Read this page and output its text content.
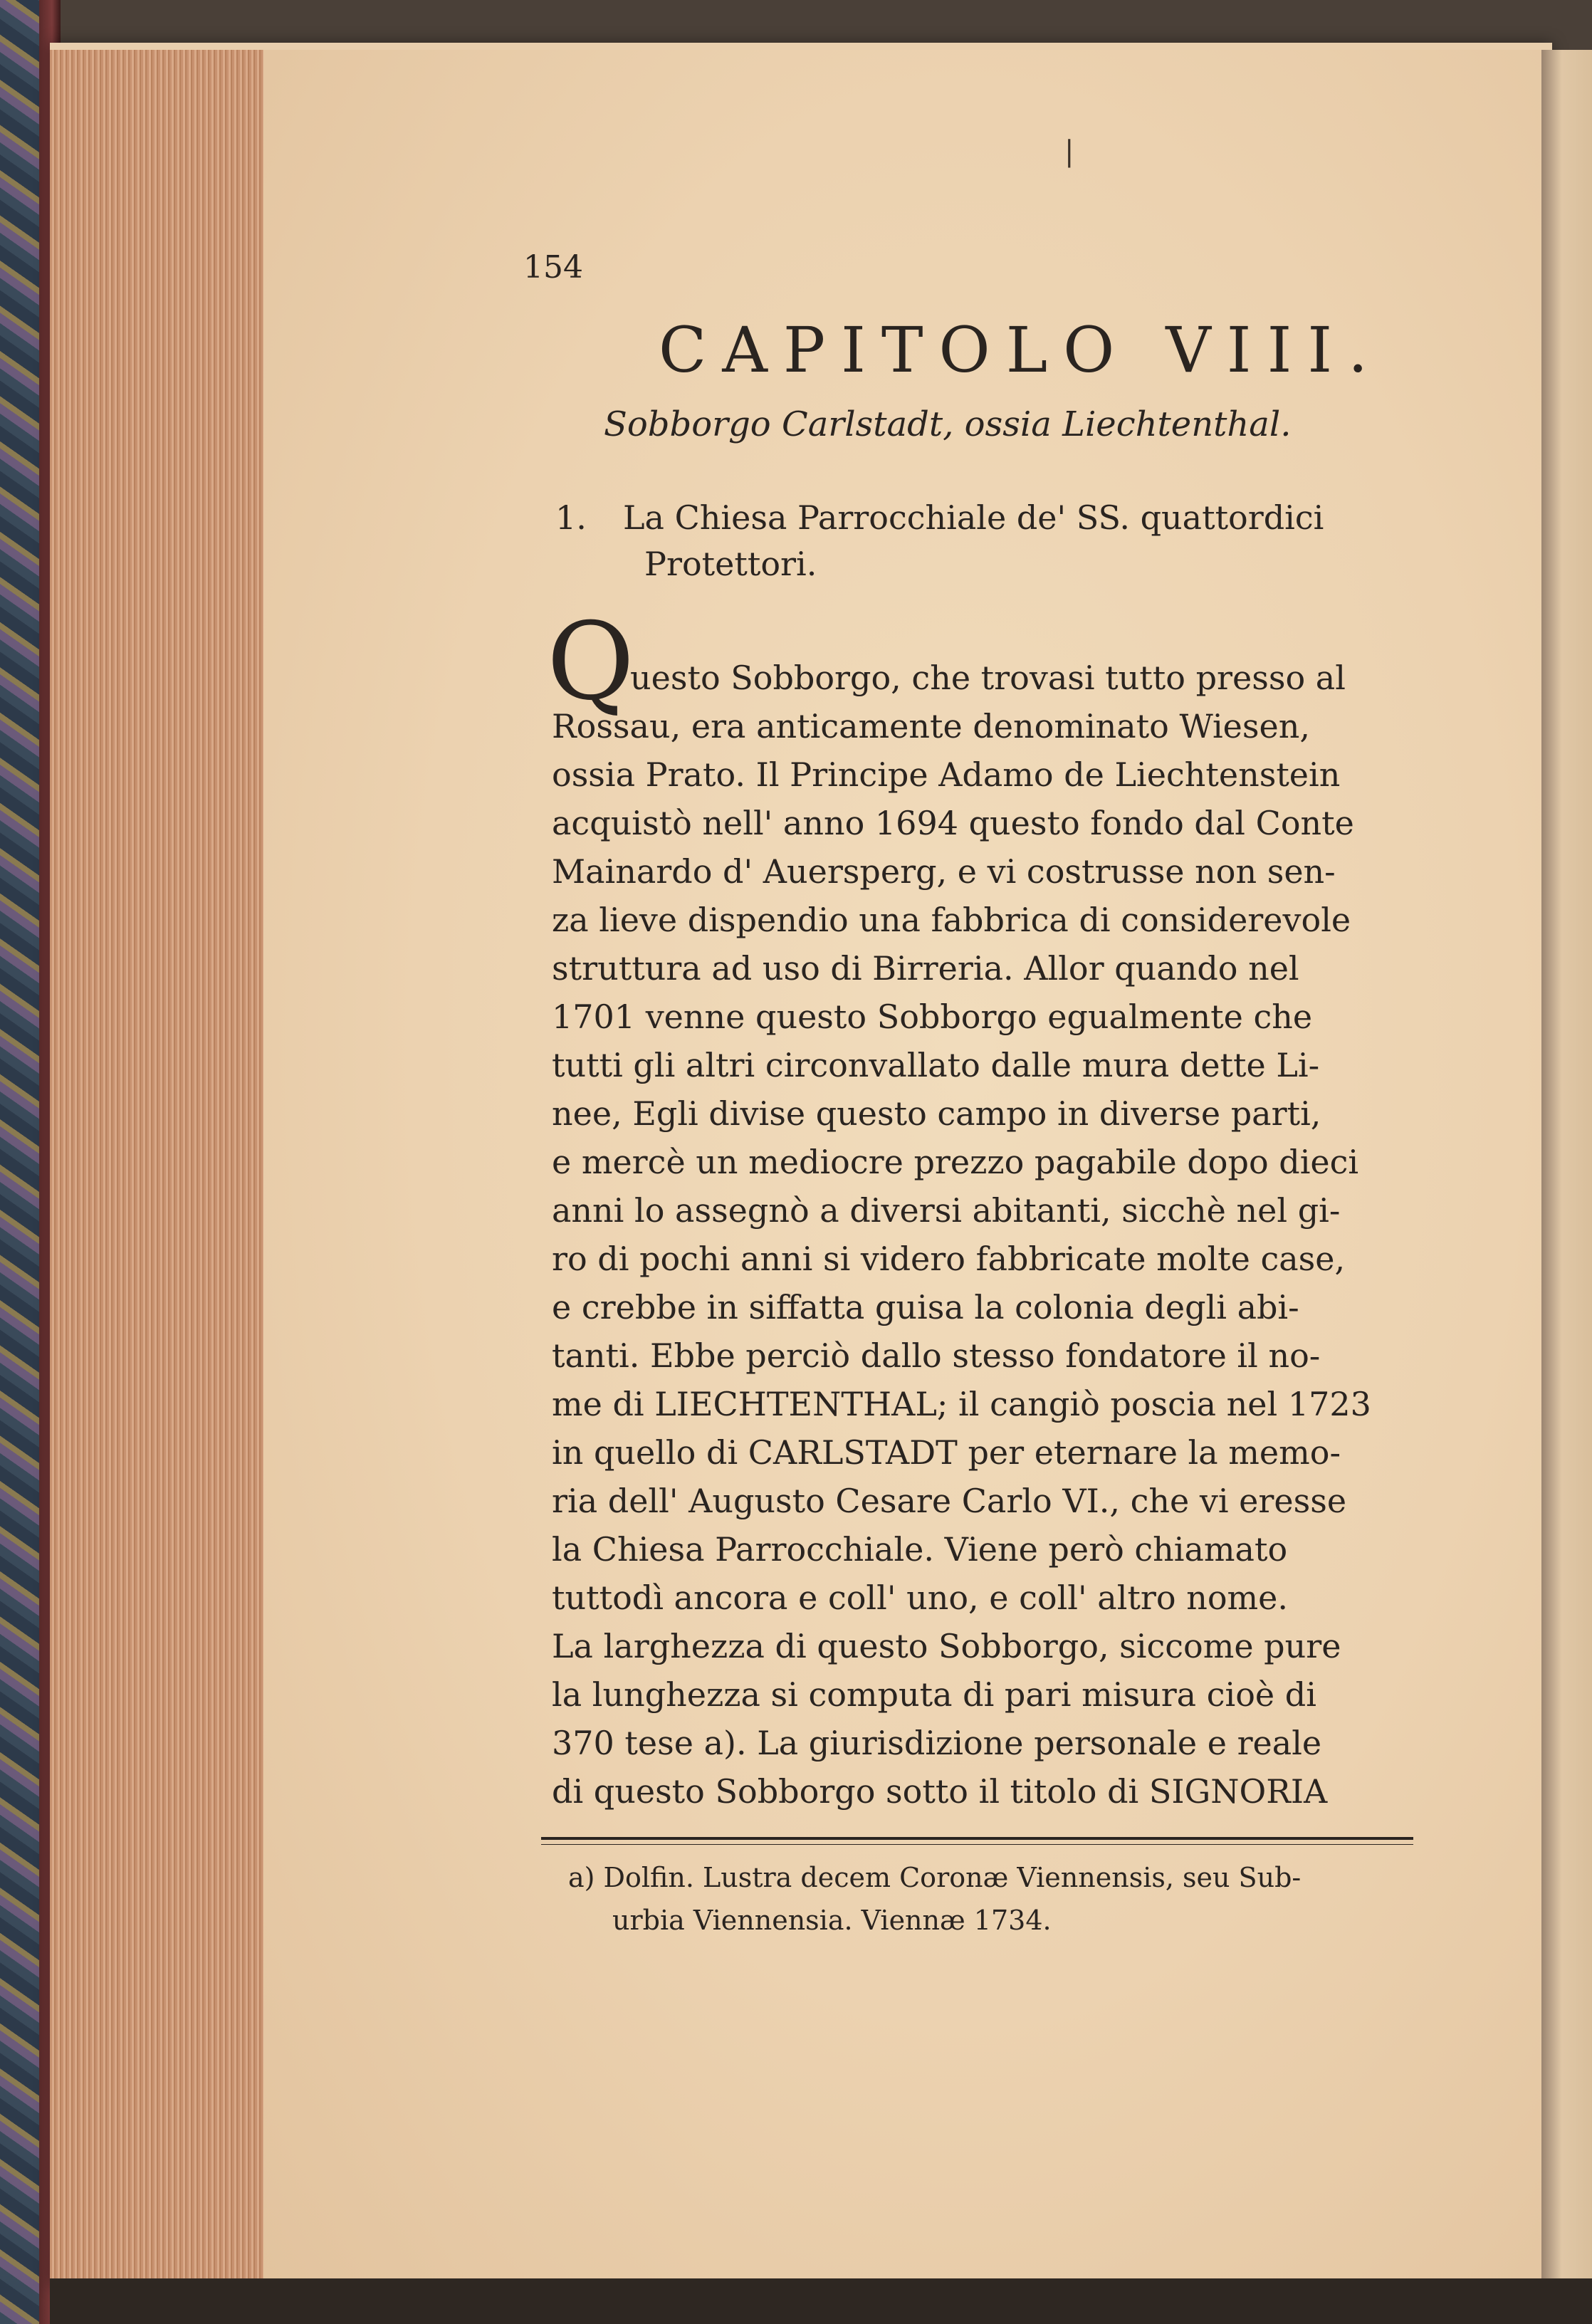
|
154
CAPITOLO VIII.
Sobborgo Carlstadt, ossia Liechtenthal.
1. La Chiesa Parrocchiale de' SS. quattordici
Protettori.
Q
uesto Sobborgo, che trovasi tutto presso al
Rossau, era anticamente denominato Wiesen,
ossia Prato. Il Principe Adamo de Liechtenstein
acquistò nell' anno 1694 questo fondo dal Conte
Mainardo d' Auersperg, e vi costrusse non sen-
za lieve dispendio una fabbrica di considerevole
struttura ad uso di Birreria. Allor quando nel
1701 venne questo Sobborgo egualmente che
tutti gli altri circonvallato dalle mura dette Li-
nee, Egli divise questo campo in diverse parti,
e mercè un mediocre prezzo pagabile dopo dieci
anni lo assegnò a diversi abitanti, sicchè nel gi-
ro di pochi anni si videro fabbricate molte case,
e crebbe in siffatta guisa la colonia degli abi-
tanti. Ebbe perciò dallo stesso fondatore il no-
me di LIECHTENTHAL; il cangiò poscia nel 1723
in quello di CARLSTADT per eternare la memo-
ria dell' Augusto Cesare Carlo VI., che vi eresse
la Chiesa Parrocchiale. Viene però chiamato
tuttodì ancora e coll' uno, e coll' altro nome.
La larghezza di questo Sobborgo, siccome pure
la lunghezza si computa di pari misura cioè di
370 tese a). La giurisdizione personale e reale
di questo Sobborgo sotto il titolo di SIGNORIA
a) Dolfin. Lustra decem Coronæ Viennensis, seu Sub-
urbia Viennensia. Viennæ 1734.
